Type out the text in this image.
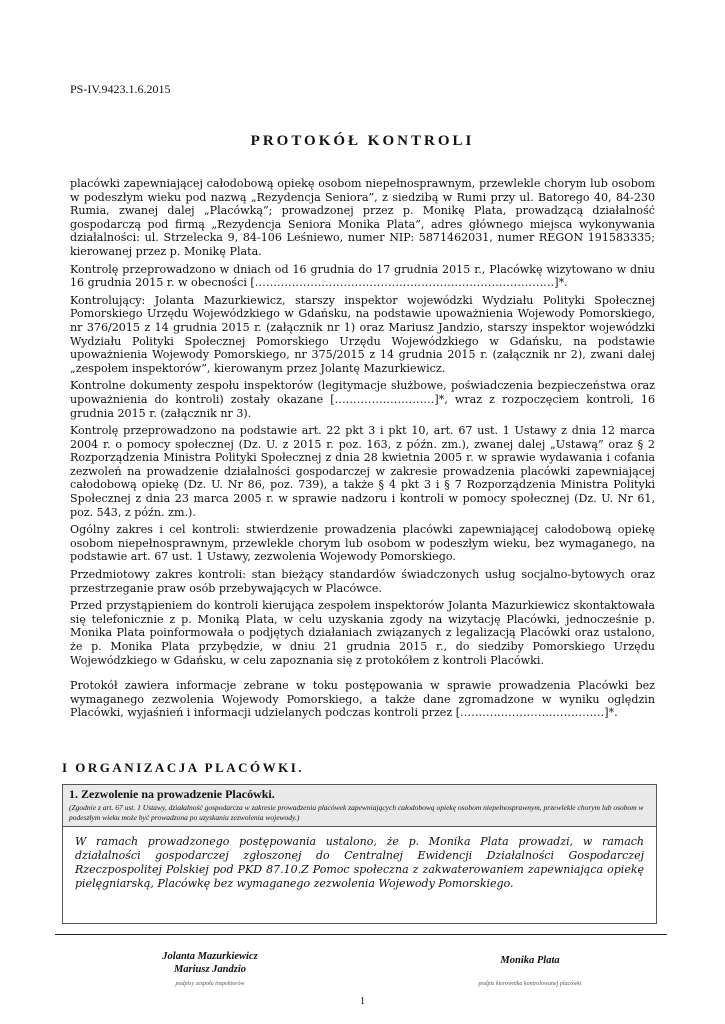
PS-IV.9423.1.6.2015
PROTOKÓŁ KONTROLI

placówki zapewniającej całodobową opiekę osobom niepełnosprawnym, przewlekle chorym lub osobom w podeszłym wieku pod nazwą „Rezydencja Seniora”, z siedzibą w Rumi przy ul. Batorego 40, 84-230 Rumia, zwanej dalej „Placówką”; prowadzonej przez p. Monikę Plata, prowadzącą działalność gospodarczą pod firmą „Rezydencja Seniora Monika Plata”, adres głównego miejsca wykonywania działalności: ul. Strzelecka 9, 84-106 Leśniewo, numer NIP: 5871462031, numer REGON 191583335; kierowanej przez p. Monikę Plata.

Kontrolę przeprowadzono w dniach od 16 grudnia do 17 grudnia 2015 r., Placówkę wizytowano w dniu 16 grudnia 2015 r. w obecności [………………………………………………………………………]*.

Kontrolujący: Jolanta Mazurkiewicz, starszy inspektor wojewódzki Wydziału Polityki Społecznej Pomorskiego Urzędu Wojewódzkiego w Gdańsku, na podstawie upoważnienia Wojewody Pomorskiego, nr 376/2015 z 14 grudnia 2015 r. (załącznik nr 1) oraz Mariusz Jandzio, starszy inspektor wojewódzki Wydziału Polityki Społecznej Pomorskiego Urzędu Wojewódzkiego w Gdańsku, na podstawie upoważnienia Wojewody Pomorskiego, nr 375/2015 z 14 grudnia 2015 r. (załącznik nr 2), zwani dalej „zespołem inspektorów”, kierowanym przez Jolantę Mazurkiewicz.

Kontrolne dokumenty zespołu inspektorów (legitymacje służbowe, poświadczenia bezpieczeństwa oraz upoważnienia do kontroli) zostały okazane [………………………]*, wraz z rozpoczęciem kontroli, 16 grudnia 2015 r. (załącznik nr 3).

Kontrolę przeprowadzono na podstawie art. 22 pkt 3 i pkt 10, art. 67 ust. 1 Ustawy z dnia 12 marca 2004 r. o pomocy społecznej (Dz. U. z 2015 r. poz. 163, z późn. zm.), zwanej dalej „Ustawą” oraz § 2 Rozporządzenia Ministra Polityki Społecznej z dnia 28 kwietnia 2005 r. w sprawie wydawania i cofania zezwoleń na prowadzenie działalności gospodarczej w zakresie prowadzenia placówki zapewniającej całodobową opiekę (Dz. U. Nr 86, poz. 739), a także § 4 pkt 3 i § 7 Rozporządzenia Ministra Polityki Społecznej z dnia 23 marca 2005 r. w sprawie nadzoru i kontroli w pomocy społecznej (Dz. U. Nr 61, poz. 543, z późn. zm.).

Ogólny zakres i cel kontroli: stwierdzenie prowadzenia placówki zapewniającej całodobową opiekę osobom niepełnosprawnym, przewlekle chorym lub osobom w podeszłym wieku, bez wymaganego, na podstawie art. 67 ust. 1 Ustawy, zezwolenia Wojewody Pomorskiego.

Przedmiotowy zakres kontroli: stan bieżący standardów świadczonych usług socjalno-bytowych oraz przestrzeganie praw osób przebywających w Placówce.

Przed przystąpieniem do kontroli kierująca zespołem inspektorów Jolanta Mazurkiewicz skontaktowała się telefonicznie z p. Moniką Plata, w celu uzyskania zgody na wizytację Placówki, jednocześnie p. Monika Plata poinformowała o podjętych działaniach związanych z legalizacją Placówki oraz ustalono, że p. Monika Plata przybędzie, w dniu 21 grudnia 2015 r., do siedziby Pomorskiego Urzędu Wojewódzkiego w Gdańsku, w celu zapoznania się z protokółem z kontroli Placówki.

Protokół zawiera informacje zebrane w toku postępowania w sprawie prowadzenia Placówki bez wymaganego zezwolenia Wojewody Pomorskiego, a także dane zgromadzone w wyniku oględzin Placówki, wyjaśnień i informacji udzielanych podczas kontroli przez […………………………………]*.

I ORGANIZACJA PLACÓWKI.
1. Zezwolenie na prowadzenie Placówki.
(Zgodnie z art. 67 ust. 1 Ustawy, działalność gospodarcza w zakresie prowadzenia placówek zapewniających całodobową opiekę osobom niepełnosprawnym, przewlekle chorym lub osobom w podeszłym wieku może być prowadzona po uzyskaniu zezwolenia wojewody.)
W ramach prowadzonego postępowania ustalono, że p. Monika Plata prowadzi, w ramach działalności gospodarczej zgłoszonej do Centralnej Ewidencji Działalności Gospodarczej Rzeczpospolitej Polskiej pod PKD 87.10.Z Pomoc społeczna z zakwaterowaniem zapewniająca opiekę pielęgniarską, Placówkę bez wymaganego zezwolenia Wojewody Pomorskiego.
Jolanta Mazurkiewicz
Mariusz Jandzio
Monika Plata
podpisy zespołu inspektorów	podpis kierownika kontrolowanej placówki
1
